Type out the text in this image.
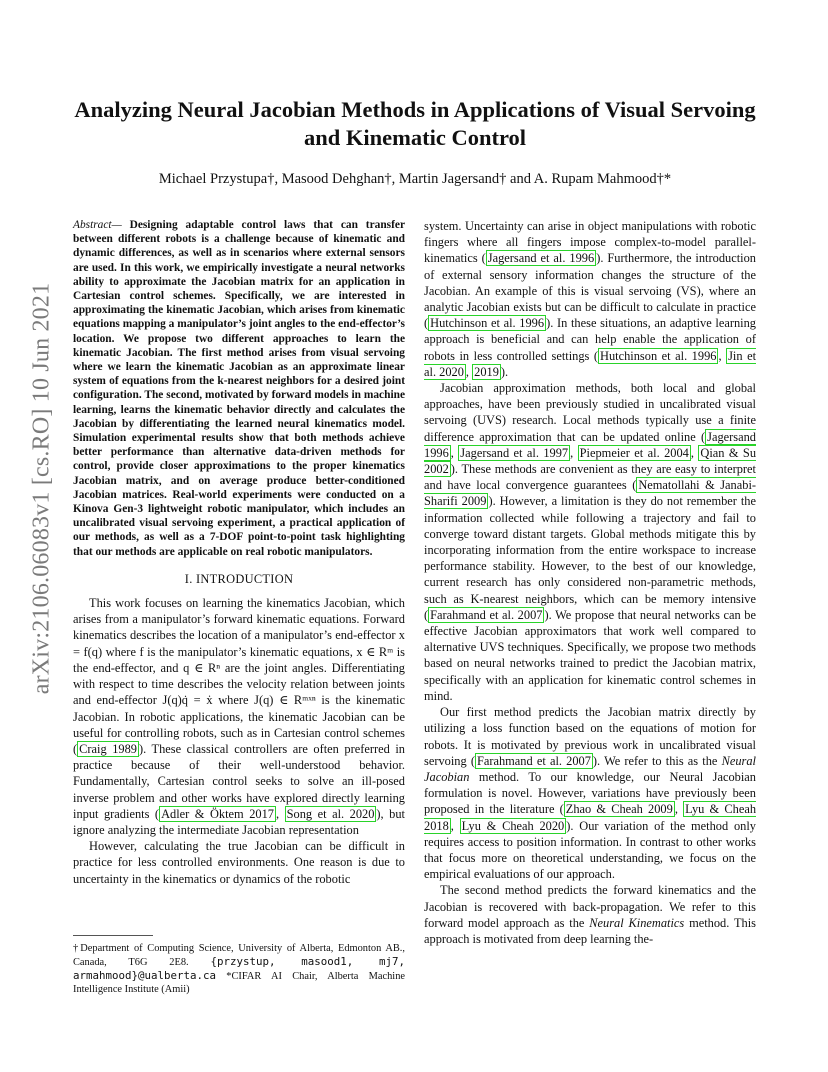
arXiv:2106.06083v1 [cs.RO] 10 Jun 2021
Analyzing Neural Jacobian Methods in Applications of Visual Servoing and Kinematic Control
Michael Przystupa†, Masood Dehghan†, Martin Jagersand† and A. Rupam Mahmood†*
Abstract— Designing adaptable control laws that can transfer between different robots is a challenge because of kinematic and dynamic differences, as well as in scenarios where external sensors are used. In this work, we empirically investigate a neural networks ability to approximate the Jacobian matrix for an application in Cartesian control schemes. Specifically, we are interested in approximating the kinematic Jacobian, which arises from kinematic equations mapping a manipulator’s joint angles to the end-effector’s location. We propose two different approaches to learn the kinematic Jacobian. The first method arises from visual servoing where we learn the kinematic Jacobian as an approximate linear system of equations from the k-nearest neighbors for a desired joint configuration. The second, motivated by forward models in machine learning, learns the kinematic behavior directly and calculates the Jacobian by differentiating the learned neural kinematics model. Simulation experimental results show that both methods achieve better performance than alternative data-driven methods for control, provide closer approximations to the proper kinematics Jacobian matrix, and on average produce better-conditioned Jacobian matrices. Real-world experiments were conducted on a Kinova Gen-3 lightweight robotic manipulator, which includes an uncalibrated visual servoing experiment, a practical application of our methods, as well as a 7-DOF point-to-point task highlighting that our methods are applicable on real robotic manipulators.
I. INTRODUCTION

This work focuses on learning the kinematics Jacobian, which arises from a manipulator’s forward kinematic equations. Forward kinematics describes the location of a manipulator’s end-effector x = f(q) where f is the manipulator’s kinematic equations, x ∈ Rᵐ is the end-effector, and q ∈ Rⁿ are the joint angles. Differentiating with respect to time describes the velocity relation between joints and end-effector J(q)q̇ = ẋ where J(q) ∈ Rᵐˣⁿ is the kinematic Jacobian. In robotic applications, the kinematic Jacobian can be useful for controlling robots, such as in Cartesian control schemes ( Craig 1989 ). These classical controllers are often preferred in practice because of their well-understood behavior. Fundamentally, Cartesian control seeks to solve an ill-posed inverse problem and other works have explored directly learning input gradients ( Adler & Öktem 2017 , Song et al. 2020 ), but ignore analyzing the intermediate Jacobian representation

However, calculating the true Jacobian can be difficult in practice for less controlled environments. One reason is due to uncertainty in the kinematics or dynamics of the robotic

†Department of Computing Science, University of Alberta, Edmonton AB., Canada, T6G 2E8. {przystup, masood1, mj7, armahmood}@ualberta.ca *CIFAR AI Chair, Alberta Machine Intelligence Institute (Amii)

system. Uncertainty can arise in object manipulations with robotic fingers where all fingers impose complex-to-model parallel-kinematics ( Jagersand et al. 1996 ). Furthermore, the introduction of external sensory information changes the structure of the Jacobian. An example of this is visual servoing (VS), where an analytic Jacobian exists but can be difficult to calculate in practice ( Hutchinson et al. 1996 ). In these situations, an adaptive learning approach is beneficial and can help enable the application of robots in less controlled settings ( Hutchinson et al. 1996 , Jin et al. 2020 , 2019 ).

Jacobian approximation methods, both local and global approaches, have been previously studied in uncalibrated visual servoing (UVS) research. Local methods typically use a finite difference approximation that can be updated online ( Jagersand 1996 , Jagersand et al. 1997 , Piepmeier et al. 2004 , Qian & Su 2002 ). These methods are convenient as they are easy to interpret and have local convergence guarantees ( Nematollahi & Janabi-Sharifi 2009 ). However, a limitation is they do not remember the information collected while following a trajectory and fail to converge toward distant targets. Global methods mitigate this by incorporating information from the entire workspace to increase performance stability. However, to the best of our knowledge, current research has only considered non-parametric methods, such as K-nearest neighbors, which can be memory intensive ( Farahmand et al. 2007 ). We propose that neural networks can be effective Jacobian approximators that work well compared to alternative UVS techniques. Specifically, we propose two methods based on neural networks trained to predict the Jacobian matrix, specifically with an application for kinematic control schemes in mind.

Our first method predicts the Jacobian matrix directly by utilizing a loss function based on the equations of motion for robots. It is motivated by previous work in uncalibrated visual servoing ( Farahmand et al. 2007 ). We refer to this as the Neural Jacobian method. To our knowledge, our Neural Jacobian formulation is novel. However, variations have previously been proposed in the literature ( Zhao & Cheah 2009 , Lyu & Cheah 2018 , Lyu & Cheah 2020 ). Our variation of the method only requires access to position information. In contrast to other works that focus more on theoretical understanding, we focus on the empirical evaluations of our approach.

The second method predicts the forward kinematics and the Jacobian is recovered with back-propagation. We refer to this forward model approach as the Neural Kinematics method. This approach is motivated from deep learning the-
